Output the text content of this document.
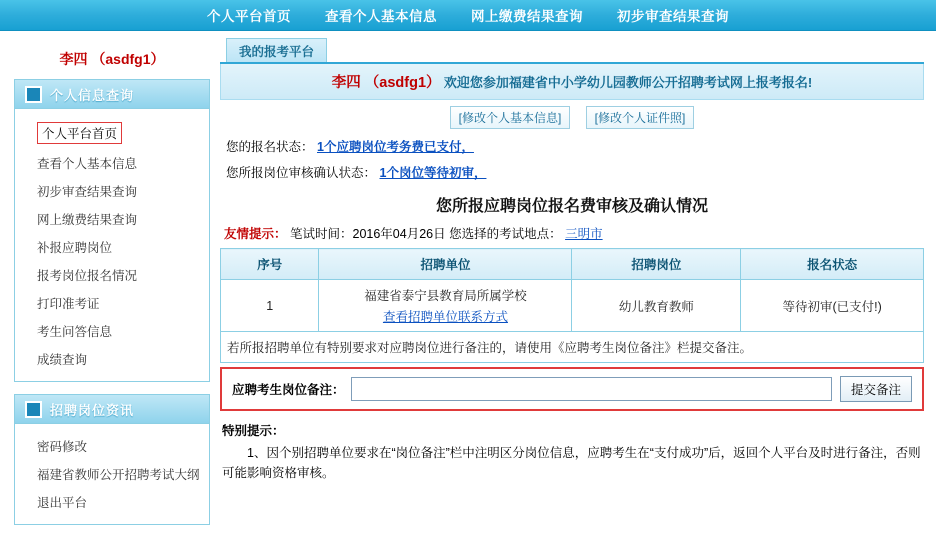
个人平台首页	查看个人基本信息	网上缴费结果查询	初步审查结果查询
李四 （asdfg1）
个人信息查询
个人平台首页
查看个人基本信息
初步审查结果查询
网上缴费结果查询
补报应聘岗位
报考岗位报名情况
打印准考证
考生问答信息
成绩查询
招聘岗位资讯
密码修改
福建省教师公开招聘考试大纲
退出平台
我的报考平台
李四 （asdfg1） 欢迎您参加福建省中小学幼儿园教师公开招聘考试网上报考报名!
[修改个人基本信息]	[修改个人证件照]
您的报名状态： 1个应聘岗位考务费已支付，
您所报岗位审核确认状态： 1个岗位等待初审，
您所报应聘岗位报名费审核及确认情况
友情提示： 笔试时间：2016年04月26日 您选择的考试地点： 三明市
序号	招聘单位	招聘岗位	报名状态
1	福建省泰宁县教育局所属学校
查看招聘单位联系方式	幼儿教育教师	等待初审(已支付!)
若所报招聘单位有特别要求对应聘岗位进行备注的，请使用《应聘考生岗位备注》栏提交备注。			
应聘考生岗位备注：	提交备注
特别提示：
1、因个别招聘单位要求在“岗位备注”栏中注明区分岗位信息，应聘考生在“支付成功”后，返回个人平台及时进行备注，否则可能影响资格审核。
